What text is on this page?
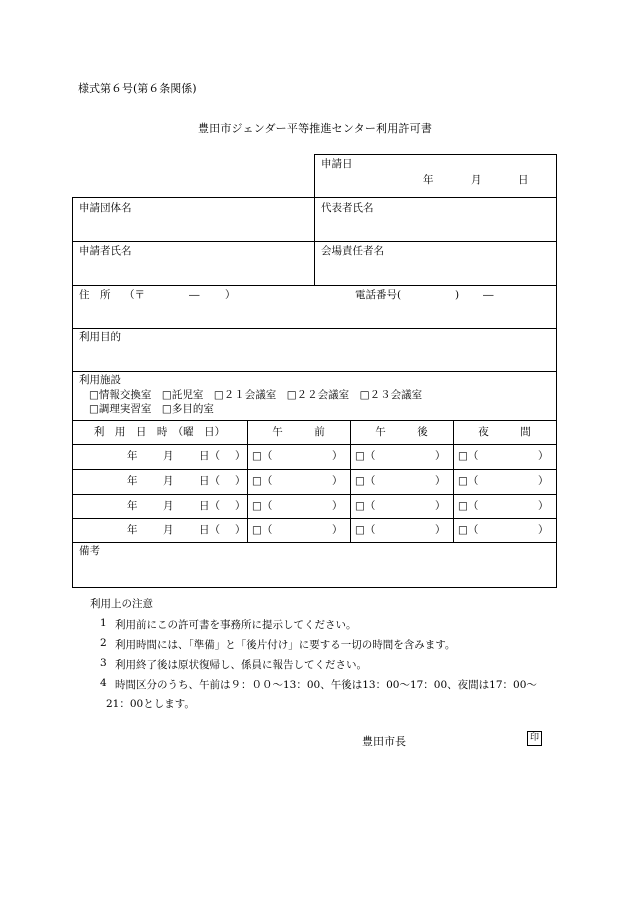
様式第６号(第６条関係)
豊田市ジェンダー平等推進センター利用許可書
申請日
年	月	日
申請団体名	代表者氏名
申請者氏名	会場責任者名
住　所 （〒	― ）	電話番号(	) ―
利用目的
利用施設
□情報交換室　□託児室　□２１会議室　□２２会議室　□２３会議室
□調理実習室　□多目的室
利　用　日　時　（曜　日）	午　　　前	午　　　後	夜　　　間
年 月 日（ ） □（	） □（	） □（	）
年 月 日（ ） □（	） □（	） □（	）
年 月 日（ ） □（	） □（	） □（	）
年 月 日（ ） □（	） □（	） □（	）
備考
利用上の注意
1 利用前にこの許可書を事務所に提示してください。
2 利用時間には、「準備」と「後片付け」に要する一切の時間を含みます。
3 利用終了後は原状復帰し、係員に報告してください。
4 時間区分のうち、午前は９：００～13：00、午後は13：00～17：00、夜間は17：00～
21：00とします。
豊田市長	印
